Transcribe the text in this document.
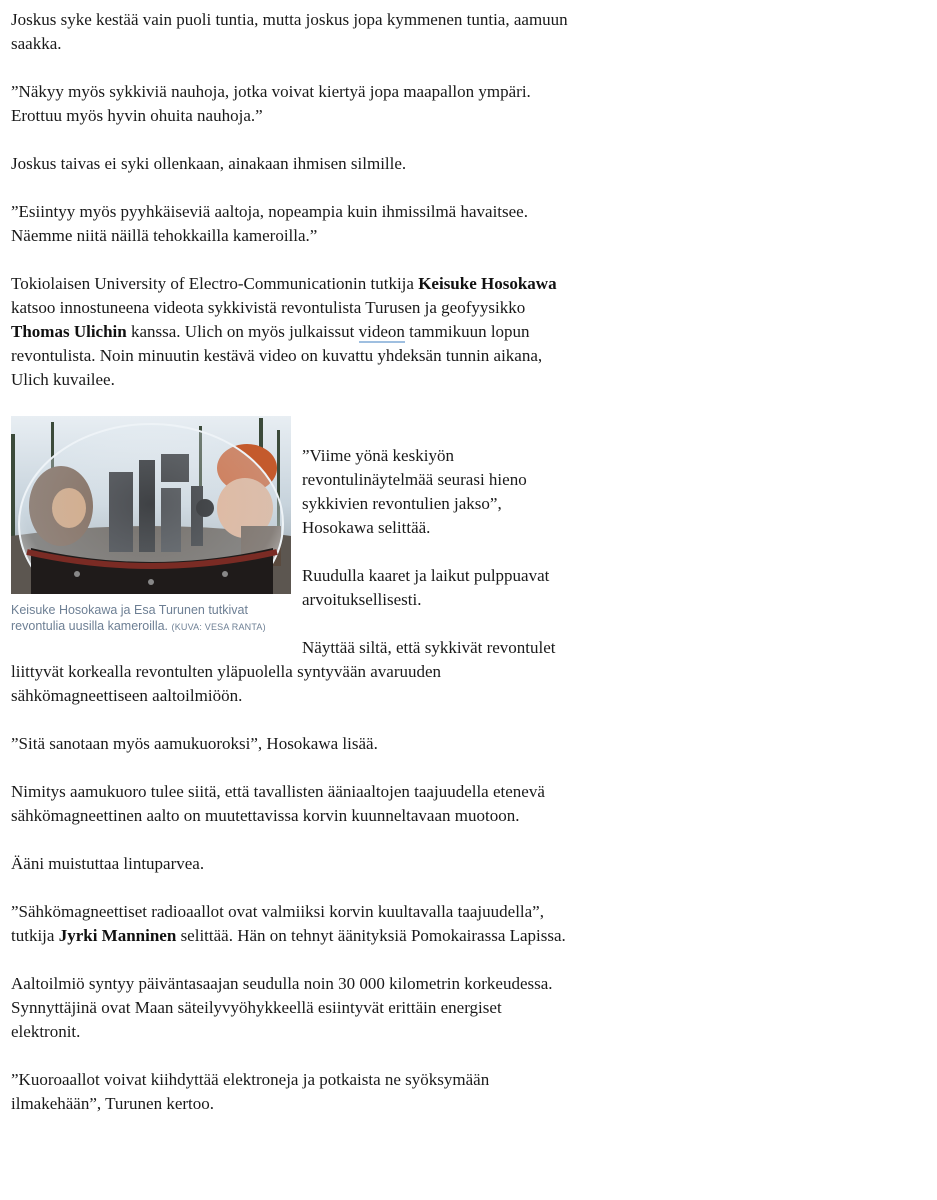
Joskus syke kestää vain puoli tuntia, mutta joskus jopa kymmenen tuntia, aamuun saakka.

”Näkyy myös sykkiviä nauhoja, jotka voivat kiertyä jopa maapallon ympäri. Erottuu myös hyvin ohuita nauhoja.”

Joskus taivas ei syki ollenkaan, ainakaan ihmisen silmille.

”Esiintyy myös pyyhkäiseviä aaltoja, nopeampia kuin ihmissilmä havaitsee. Näemme niitä näillä tehokkailla kameroilla.”

Tokiolaisen University of Electro-Communicationin tutkija Keisuke Hosokawa katsoo innostuneena videota sykkivistä revontulista Turusen ja geofyysikko Thomas Ulichin kanssa. Ulich on myös julkaissut videon tammikuun lopun revontulista. Noin minuutin kestävä video on kuvattu yhdeksän tunnin aikana, Ulich kuvailee.

Keisuke Hosokawa ja Esa Turunen tutkivat revontulia uusilla kameroilla. (KUVA: VESA RANTA)

”Viime yönä keskiyön revontulinäytelmää seurasi hieno sykkivien revontulien jakso”, Hosokawa selittää.

Ruudulla kaaret ja laikut pulppuavat arvoituksellisesti.

Näyttää siltä, että sykkivät revontulet liittyvät korkealla revontulten yläpuolella syntyvään avaruuden sähkömagneettiseen aaltoilmiöön.

”Sitä sanotaan myös aamukuoroksi”, Hosokawa lisää.

Nimitys aamukuoro tulee siitä, että tavallisten ääniaaltojen taajuudella etenevä sähkömagneettinen aalto on muutettavissa korvin kuunneltavaan muotoon.

Ääni muistuttaa lintuparvea.

”Sähkömagneettiset radioaallot ovat valmiiksi korvin kuultavalla taajuudella”, tutkija Jyrki Manninen selittää. Hän on tehnyt äänityksiä Pomokairassa Lapissa.

Aaltoilmiö syntyy päiväntasaajan seudulla noin 30 000 kilometrin korkeudessa. Synnyttäjinä ovat Maan säteilyvyöhykkeellä esiintyvät erittäin energiset elektronit.

”Kuoroaallot voivat kiihdyttää elektroneja ja potkaista ne syöksymään ilmakehään”, Turunen kertoo.
